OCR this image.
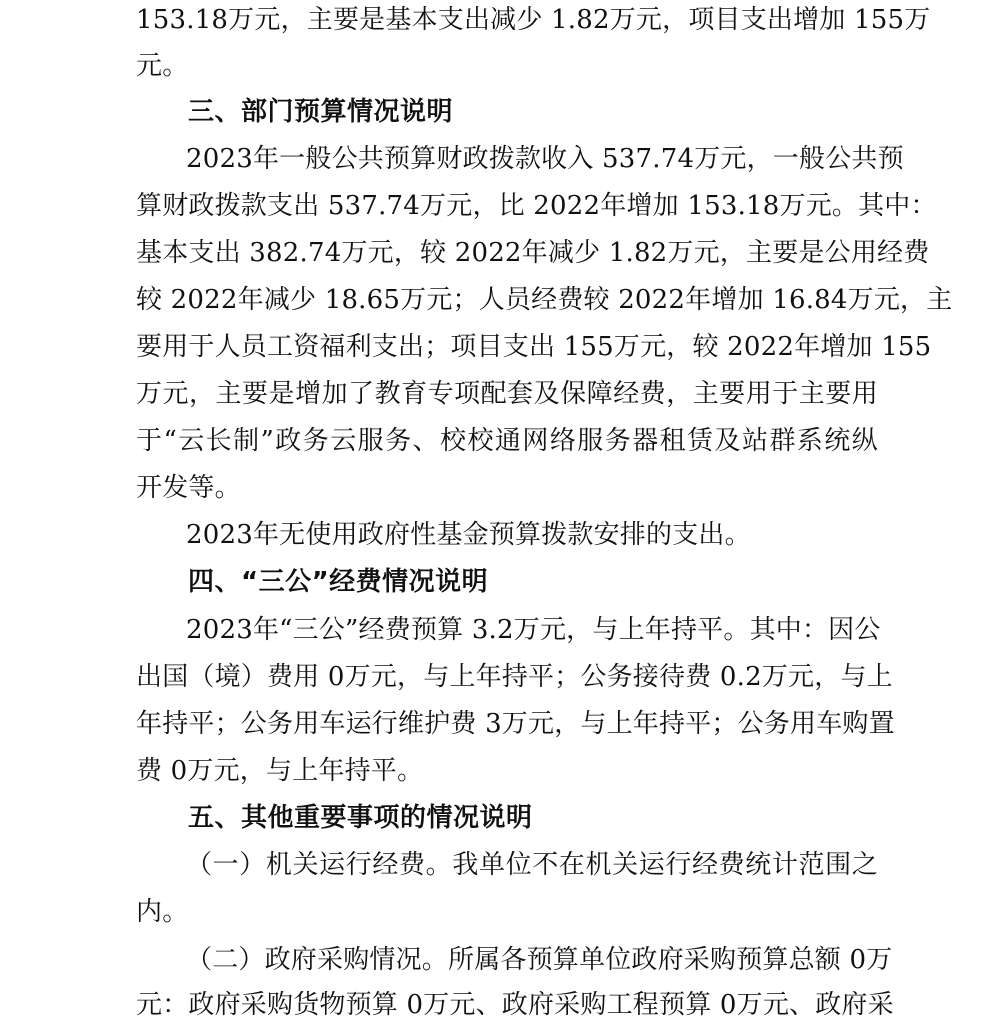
153.18万元，主要是基本支出减少 1.82万元，项目支出增加 155万
元。
三、部门预算情况说明
2023年一般公共预算财政拨款收入 537.74万元，一般公共预
算财政拨款支出 537.74万元，比 2022年增加 153.18万元。其中：
基本支出 382.74万元，较 2022年减少 1.82万元，主要是公用经费
较 2022年减少 18.65万元；人员经费较 2022年增加 16.84万元，主
要用于人员工资福利支出；项目支出 155万元，较 2022年增加 155
万元，主要是增加了教育专项配套及保障经费，主要用于主要用
于“云长制”政务云服务、校校通网络服务器租赁及站群系统纵
开发等。
2023年无使用政府性基金预算拨款安排的支出。
四、“三公”经费情况说明
2023年“三公”经费预算 3.2万元，与上年持平。其中：因公
出国（境）费用 0万元，与上年持平；公务接待费 0.2万元，与上
年持平；公务用车运行维护费 3万元，与上年持平；公务用车购置
费 0万元，与上年持平。
五、其他重要事项的情况说明
（一）机关运行经费。我单位不在机关运行经费统计范围之
内。
（二）政府采购情况。所属各预算单位政府采购预算总额 0万
元：政府采购货物预算 0万元、政府采购工程预算 0万元、政府采
